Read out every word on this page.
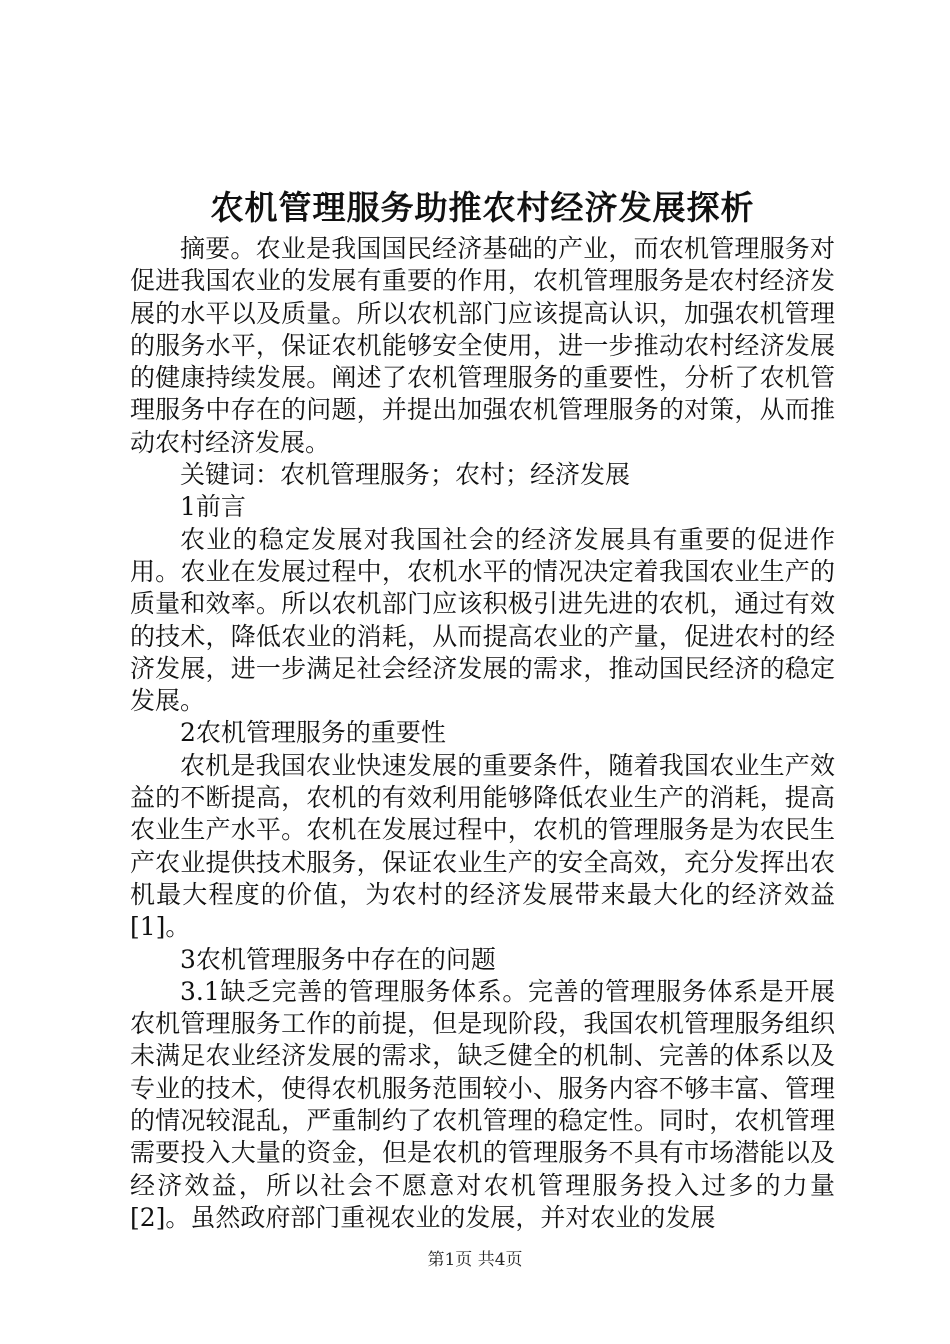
农机管理服务助推农村经济发展探析

摘要。农业是我国国民经济基础的产业，而农机管理服务对促进我国农业的发展有重要的作用，农机管理服务是农村经济发展的水平以及质量。所以农机部门应该提高认识，加强农机管理的服务水平，保证农机能够安全使用，进一步推动农村经济发展的健康持续发展。阐述了农机管理服务的重要性，分析了农机管理服务中存在的问题，并提出加强农机管理服务的对策，从而推动农村经济发展。

关键词：农机管理服务；农村；经济发展

1前言

农业的稳定发展对我国社会的经济发展具有重要的促进作用。农业在发展过程中，农机水平的情况决定着我国农业生产的质量和效率。所以农机部门应该积极引进先进的农机，通过有效的技术，降低农业的消耗，从而提高农业的产量，促进农村的经济发展，进一步满足社会经济发展的需求，推动国民经济的稳定发展。

2农机管理服务的重要性

农机是我国农业快速发展的重要条件，随着我国农业生产效益的不断提高，农机的有效利用能够降低农业生产的消耗，提高农业生产水平。农机在发展过程中，农机的管理服务是为农民生产农业提供技术服务，保证农业生产的安全高效，充分发挥出农机最大程度的价值，为农村的经济发展带来最大化的经济效益[1]。

3农机管理服务中存在的问题

3.1缺乏完善的管理服务体系。完善的管理服务体系是开展农机管理服务工作的前提，但是现阶段，我国农机管理服务组织未满足农业经济发展的需求，缺乏健全的机制、完善的体系以及专业的技术，使得农机服务范围较小、服务内容不够丰富、管理的情况较混乱，严重制约了农机管理的稳定性。同时，农机管理需要投入大量的资金，但是农机的管理服务不具有市场潜能以及经济效益，所以社会不愿意对农机管理服务投入过多的力量[2]。虽然政府部门重视农业的发展，并对农业的发展

第1页 共4页
